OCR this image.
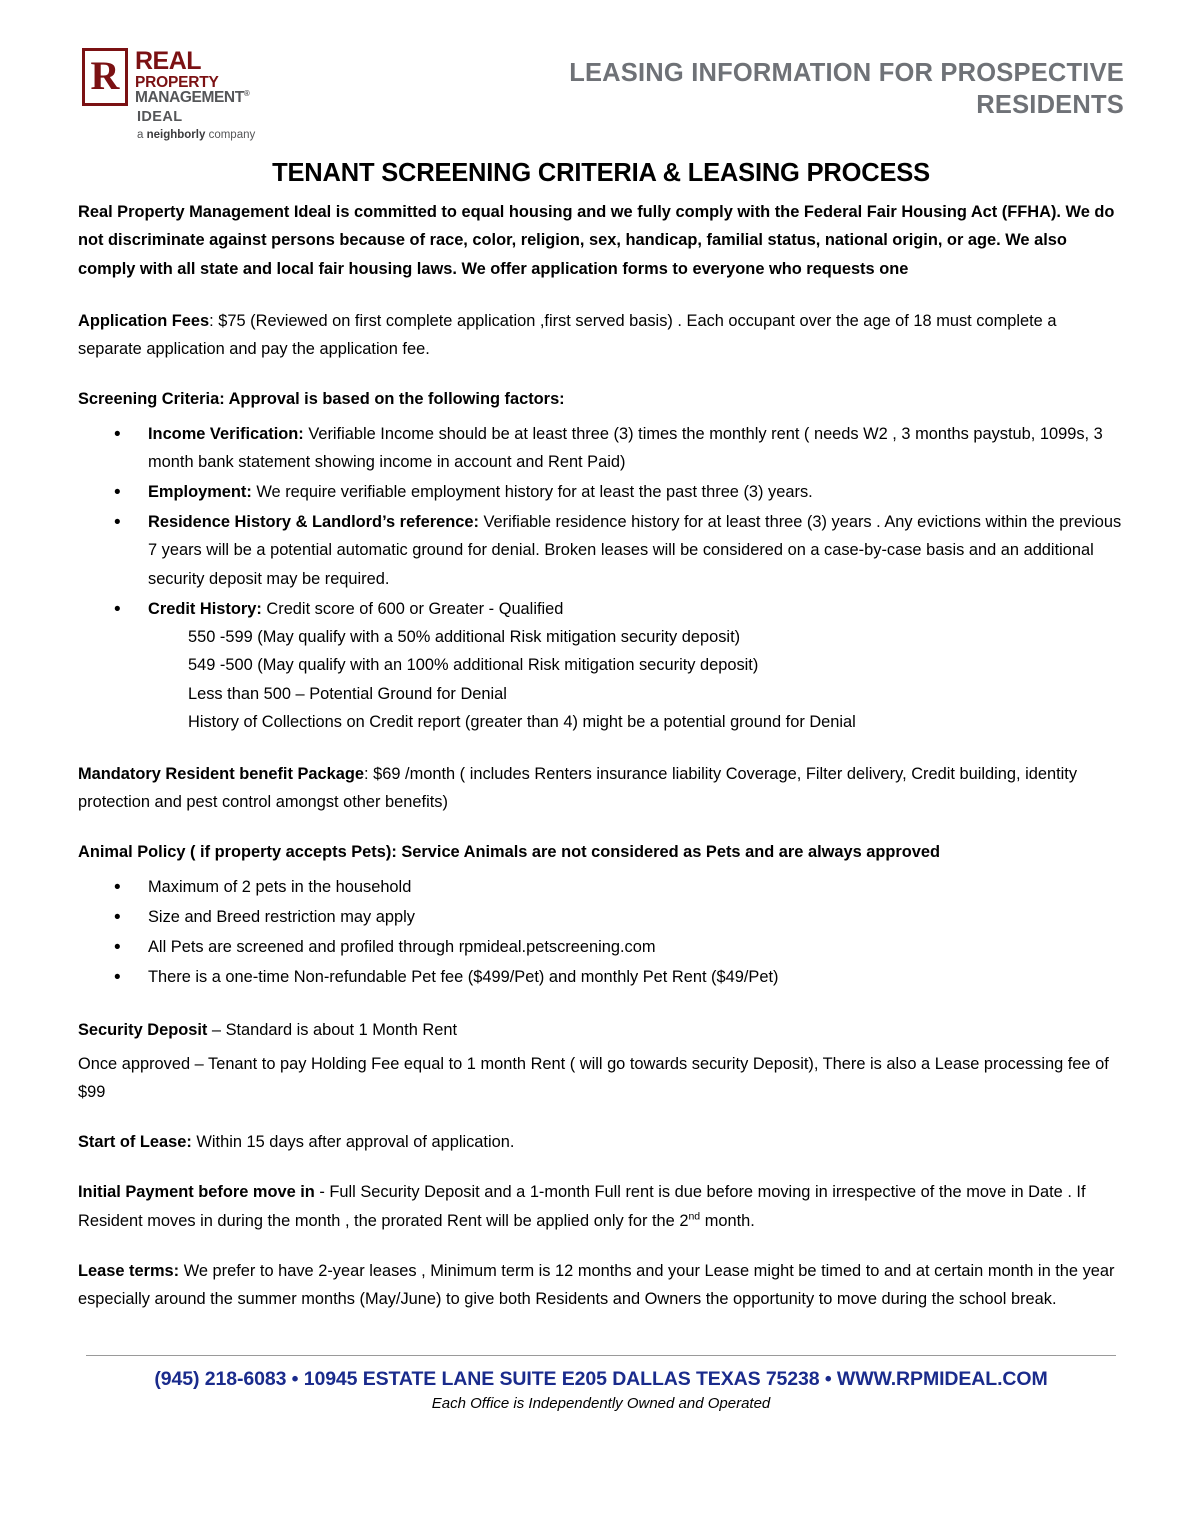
R
REAL
PROPERTY
MANAGEMENT®
IDEAL
a neighborly company
LEASING INFORMATION FOR PROSPECTIVE RESIDENTS
TENANT SCREENING CRITERIA & LEASING PROCESS

Real Property Management Ideal is committed to equal housing and we fully comply with the Federal Fair Housing Act (FFHA). We do not discriminate against persons because of race, color, religion, sex, handicap, familial status, national origin, or age. We also comply with all state and local fair housing laws. We offer application forms to everyone who requests one

Application Fees: $75 (Reviewed on first complete application ,first served basis) . Each occupant over the age of 18 must complete a separate application and pay the application fee.

Screening Criteria: Approval is based on the following factors:

• Income Verification: Verifiable Income should be at least three (3) times the monthly rent ( needs W2 , 3 months paystub, 1099s, 3 month bank statement showing income in account and Rent Paid)
• Employment: We require verifiable employment history for at least the past three (3) years.
• Residence History & Landlord’s reference: Verifiable residence history for at least three (3) years . Any evictions within the previous 7 years will be a potential automatic ground for denial. Broken leases will be considered on a case-by-case basis and an additional security deposit may be required.
• Credit History: Credit score of 600 or Greater - Qualified
550 -599 (May qualify with a 50% additional Risk mitigation security deposit)
549 -500 (May qualify with an 100% additional Risk mitigation security deposit)
Less than 500 – Potential Ground for Denial
History of Collections on Credit report (greater than 4) might be a potential ground for Denial

Mandatory Resident benefit Package: $69 /month ( includes Renters insurance liability Coverage, Filter delivery, Credit building, identity protection and pest control amongst other benefits)

Animal Policy ( if property accepts Pets): Service Animals are not considered as Pets and are always approved

• Maximum of 2 pets in the household
• Size and Breed restriction may apply
• All Pets are screened and profiled through rpmideal.petscreening.com
• There is a one-time Non-refundable Pet fee ($499/Pet) and monthly Pet Rent ($49/Pet)

Security Deposit – Standard is about 1 Month Rent

Once approved – Tenant to pay Holding Fee equal to 1 month Rent ( will go towards security Deposit), There is also a Lease processing fee of $99

Start of Lease: Within 15 days after approval of application.

Initial Payment before move in - Full Security Deposit and a 1-month Full rent is due before moving in irrespective of the move in Date . If Resident moves in during the month , the prorated Rent will be applied only for the 2nd month.

Lease terms: We prefer to have 2-year leases , Minimum term is 12 months and your Lease might be timed to and at certain month in the year especially around the summer months (May/June) to give both Residents and Owners the opportunity to move during the school break.

(945) 218-6083 • 10945 ESTATE LANE SUITE E205 DALLAS TEXAS 75238 • WWW.RPMIDEAL.COM
Each Office is Independently Owned and Operated
